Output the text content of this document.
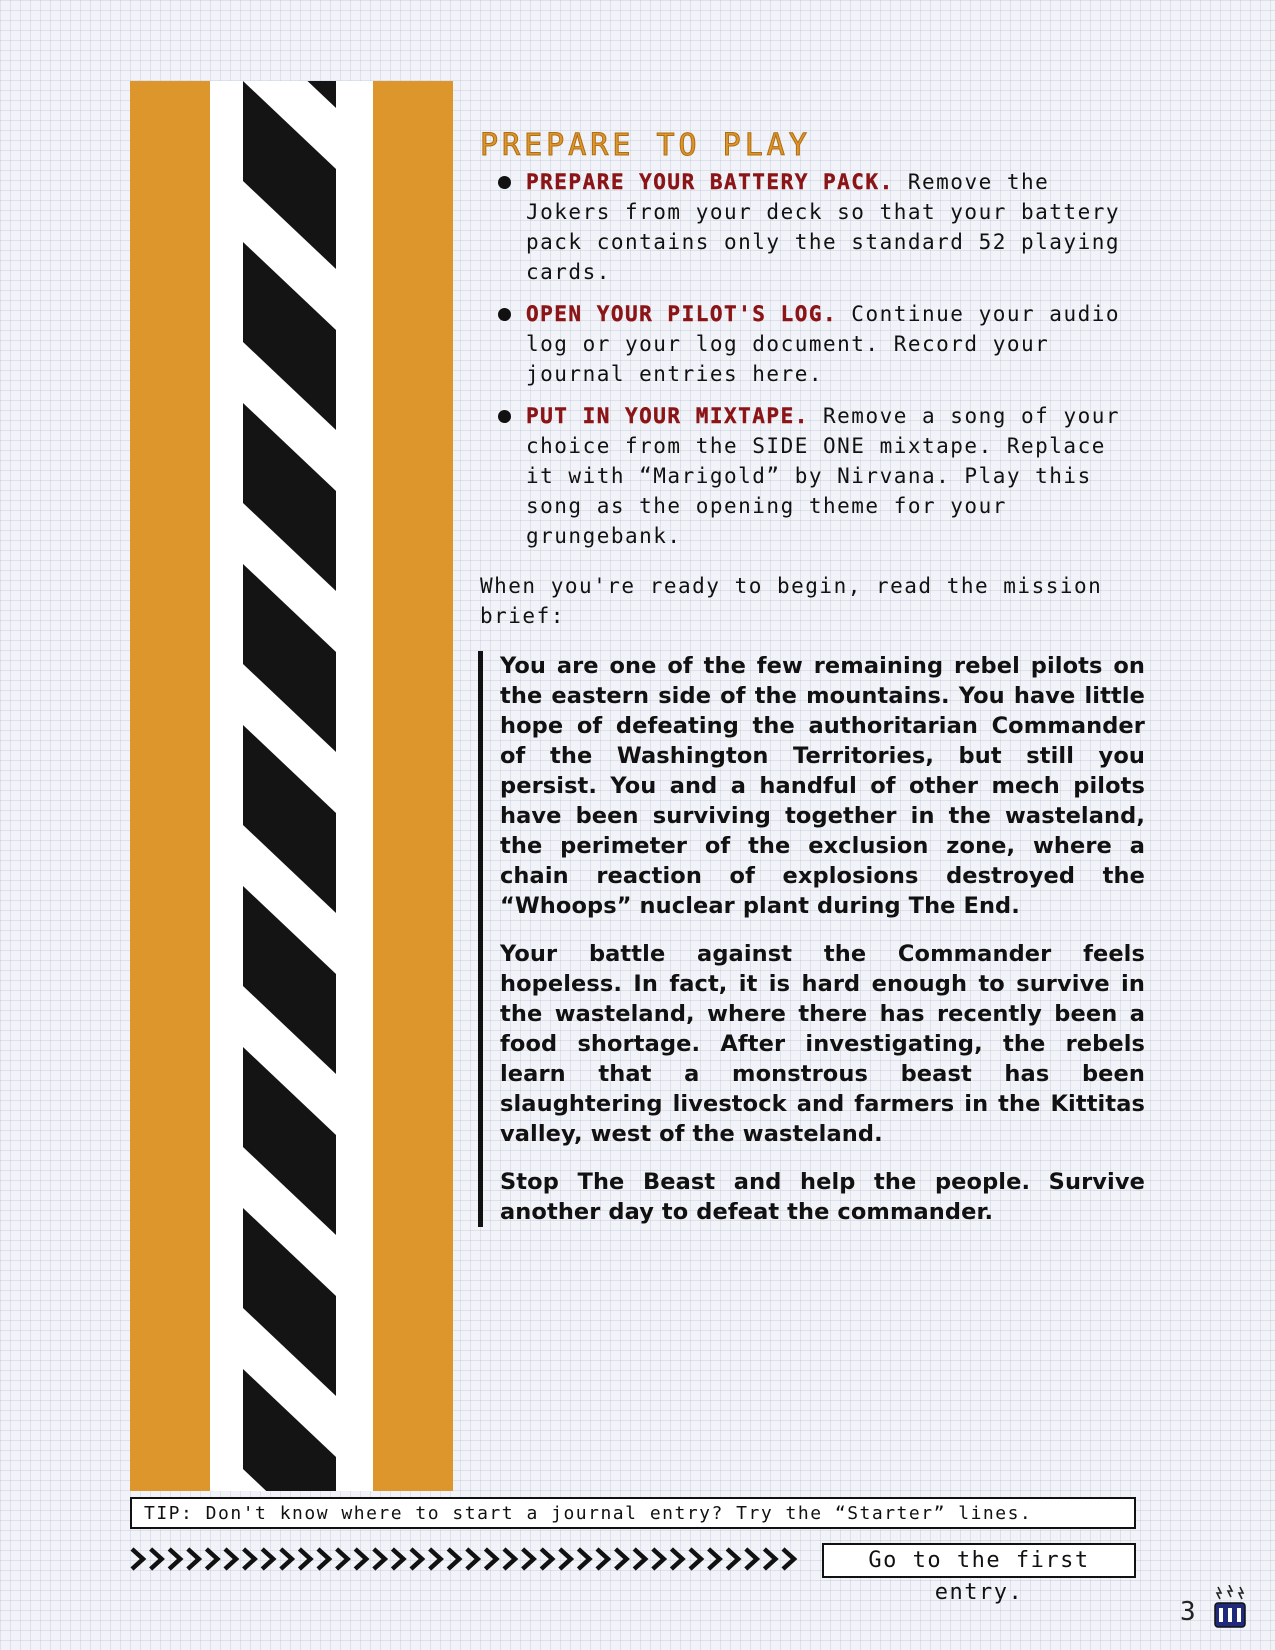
PREPARE TO PLAY
PREPARE YOUR BATTERY PACK. Remove the Jokers from your deck so that your battery pack contains only the standard 52 playing cards.
OPEN YOUR PILOT'S LOG. Continue your audio log or your log document. Record your journal entries here.
PUT IN YOUR MIXTAPE. Remove a song of your choice from the SIDE ONE mixtape. Replace it with “Marigold” by Nirvana. Play this song as the opening theme for your grungebank.

When you're ready to begin, read the mission brief:

You are one of the few remaining rebel pilots on the eastern side of the mountains. You have little hope of defeating the authoritarian Commander of the Washington Territories, but still you persist. You and a handful of other mech pilots have been surviving together in the wasteland, the perimeter of the exclusion zone, where a chain reaction of explosions destroyed the “Whoops” nuclear plant during The End.

Your battle against the Commander feels hopeless. In fact, it is hard enough to survive in the wasteland, where there has recently been a food shortage. After investigating, the rebels learn that a monstrous beast has been slaughtering livestock and farmers in the Kittitas valley, west of the wasteland.

Stop The Beast and help the people. Survive another day to defeat the commander.

TIP: Don't know where to start a journal entry? Try the “Starter” lines.
Go to the first entry.
3
